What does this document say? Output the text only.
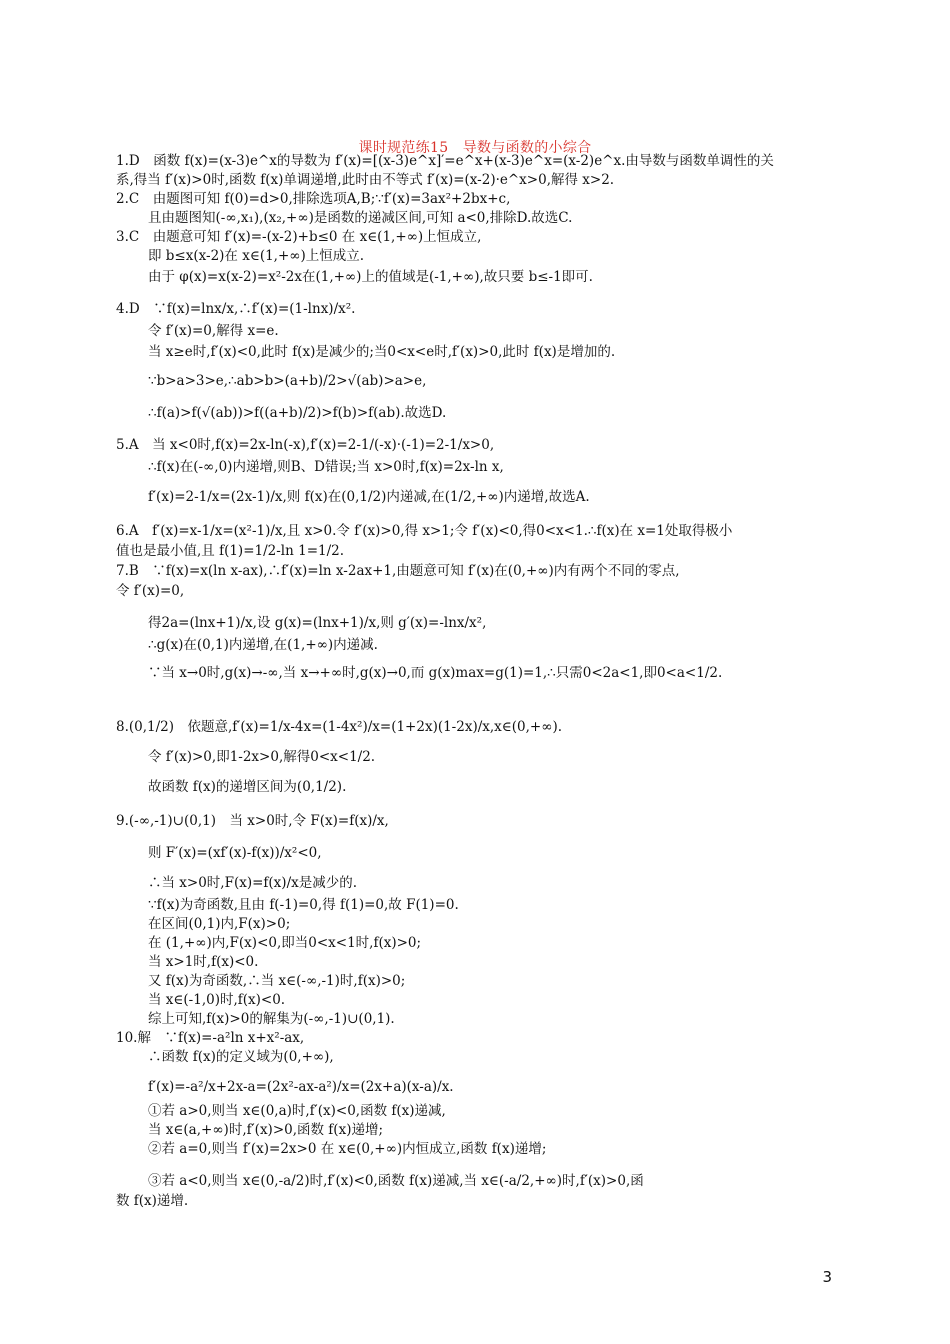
课时规范练15　导数与函数的小综合
1.D　函数 f(x)=(x-3)e^x的导数为 f′(x)=[(x-3)e^x]′=e^x+(x-3)e^x=(x-2)e^x.由导数与函数单调性的关
系,得当 f′(x)>0时,函数 f(x)单调递增,此时由不等式 f′(x)=(x-2)·e^x>0,解得 x>2.
2.C　由题图可知 f(0)=d>0,排除选项A,B;∵f′(x)=3ax²+2bx+c,
且由题图知(-∞,x₁),(x₂,+∞)是函数的递减区间,可知 a<0,排除D.故选C.
3.C　由题意可知 f′(x)=-(x-2)+b≤0 在 x∈(1,+∞)上恒成立,
即 b≤x(x-2)在 x∈(1,+∞)上恒成立.
由于 φ(x)=x(x-2)=x²-2x在(1,+∞)上的值域是(-1,+∞),故只要 b≤-1即可.
4.D　∵f(x)=lnx/x,∴f′(x)=(1-lnx)/x².
令 f′(x)=0,解得 x=e.
当 x≥e时,f′(x)<0,此时 f(x)是减少的;当0<x<e时,f′(x)>0,此时 f(x)是增加的.
∵b>a>3>e,∴ab>b>(a+b)/2>√(ab)>a>e,
∴f(a)>f(√(ab))>f((a+b)/2)>f(b)>f(ab).故选D.
5.A　当 x<0时,f(x)=2x-ln(-x),f′(x)=2-1/(-x)·(-1)=2-1/x>0,
∴f(x)在(-∞,0)内递增,则B、D错误;当 x>0时,f(x)=2x-ln x,
f′(x)=2-1/x=(2x-1)/x,则 f(x)在(0,1/2)内递减,在(1/2,+∞)内递增,故选A.
6.A　f′(x)=x-1/x=(x²-1)/x,且 x>0.令 f′(x)>0,得 x>1;令 f′(x)<0,得0<x<1.∴f(x)在 x=1处取得极小
值也是最小值,且 f(1)=1/2-ln 1=1/2.
7.B　∵f(x)=x(ln x-ax),∴f′(x)=ln x-2ax+1,由题意可知 f′(x)在(0,+∞)内有两个不同的零点,
令 f′(x)=0,
得2a=(lnx+1)/x,设 g(x)=(lnx+1)/x,则 g′(x)=-lnx/x²,
∴g(x)在(0,1)内递增,在(1,+∞)内递减.
∵当 x→0时,g(x)→-∞,当 x→+∞时,g(x)→0,而 g(x)max=g(1)=1,∴只需0<2a<1,即0<a<1/2.
8.(0,1/2)　依题意,f′(x)=1/x-4x=(1-4x²)/x=(1+2x)(1-2x)/x,x∈(0,+∞).
令 f′(x)>0,即1-2x>0,解得0<x<1/2.
故函数 f(x)的递增区间为(0,1/2).
9.(-∞,-1)∪(0,1)　当 x>0时,令 F(x)=f(x)/x,
则 F′(x)=(xf′(x)-f(x))/x²<0,
∴当 x>0时,F(x)=f(x)/x是减少的.
∵f(x)为奇函数,且由 f(-1)=0,得 f(1)=0,故 F(1)=0.
在区间(0,1)内,F(x)>0;
在 (1,+∞)内,F(x)<0,即当0<x<1时,f(x)>0;
当 x>1时,f(x)<0.
又 f(x)为奇函数,∴当 x∈(-∞,-1)时,f(x)>0;
当 x∈(-1,0)时,f(x)<0.
综上可知,f(x)>0的解集为(-∞,-1)∪(0,1).
10.解　∵f(x)=-a²ln x+x²-ax,
∴函数 f(x)的定义域为(0,+∞),
f′(x)=-a²/x+2x-a=(2x²-ax-a²)/x=(2x+a)(x-a)/x.
①若 a>0,则当 x∈(0,a)时,f′(x)<0,函数 f(x)递减,
当 x∈(a,+∞)时,f′(x)>0,函数 f(x)递增;
②若 a=0,则当 f′(x)=2x>0 在 x∈(0,+∞)内恒成立,函数 f(x)递增;
③若 a<0,则当 x∈(0,-a/2)时,f′(x)<0,函数 f(x)递减,当 x∈(-a/2,+∞)时,f′(x)>0,函
数 f(x)递增.
3
